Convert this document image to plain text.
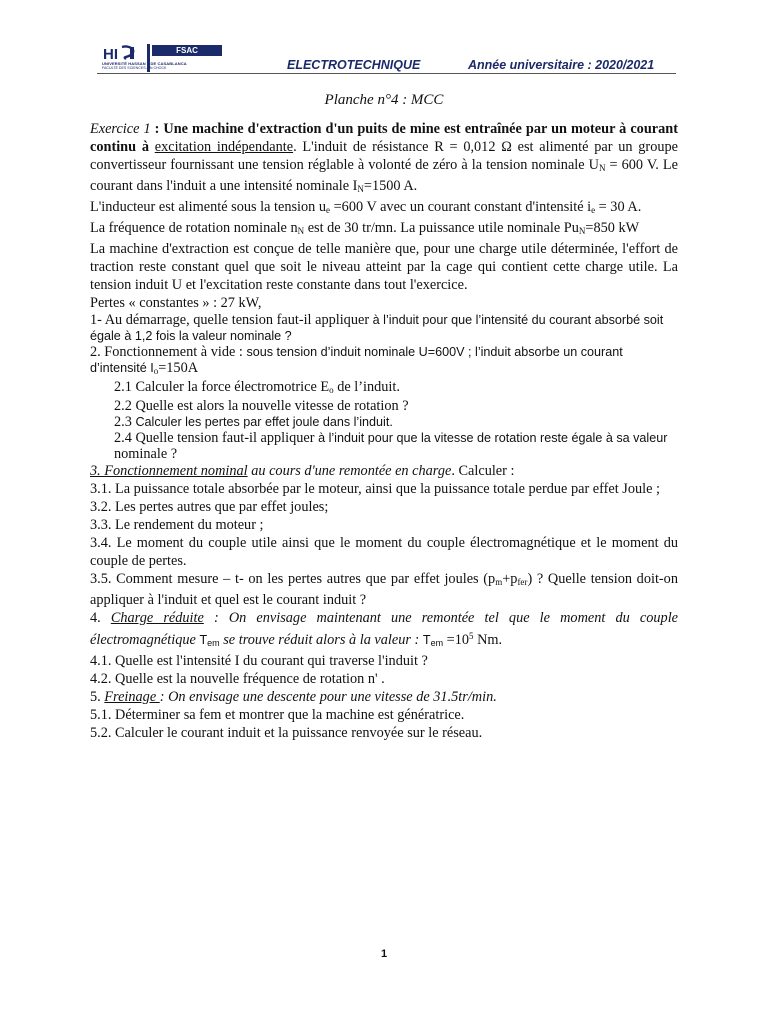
HI	FSAC
UNIVERSITÉ HASSAN II DE CASABLANCA
FACULTÉ DES SCIENCES AIN CHOCK	ELECTROTECHNIQUE	Année universitaire : 2020/2021
Planche n°4 : MCC

Exercice 1 : Une machine d'extraction d'un puits de mine est entraînée par un moteur à courant continu à excitation indépendante. L'induit de résistance R = 0,012 Ω est alimenté par un groupe convertisseur fournissant une tension réglable à volonté de zéro à la tension nominale $U_N = 600$ V. Le courant dans l'induit a une intensité nominale $I_N=1500$ A.

L'inducteur est alimenté sous la tension $u_e =600$ V avec un courant constant d'intensité $i_e = 30$ A.

La fréquence de rotation nominale $n_N$ est de 30 tr/mn. La puissance utile nominale $Pu_N=850$ kW

La machine d'extraction est conçue de telle manière que, pour une charge utile déterminée, l'effort de traction reste constant quel que soit le niveau atteint par la cage qui contient cette charge utile. La tension induit U et l'excitation reste constante dans tout l'exercice.

Pertes « constantes » : 27 kW,

1- Au démarrage, quelle tension faut-il appliquer à l’induit pour que l’intensité du courant absorbé soit égale à 1,2 fois la valeur nominale ?

2. Fonctionnement à vide : sous tension d’induit nominale U=600V ; l’induit absorbe un courant d’intensité $I_o=150A$

2.1 Calculer la force électromotrice $E_o$ de l’induit.

2.2 Quelle est alors la nouvelle vitesse de rotation ?

2.3 Calculer les pertes par effet joule dans l’induit.

2.4 Quelle tension faut-il appliquer à l’induit pour que la vitesse de rotation reste égale à sa valeur
nominale ?

3. Fonctionnement nominal au cours d'une remontée en charge. Calculer :

3.1. La puissance totale absorbée par le moteur, ainsi que la puissance totale perdue par effet Joule ;

3.2. Les pertes autres que par effet joules;

3.3. Le rendement du moteur ;

3.4. Le moment du couple utile ainsi que le moment du couple électromagnétique et le moment du couple de pertes.

3.5. Comment mesure – t- on les pertes autres que par effet joules $(p_m+p_{fer})$ ? Quelle tension doit-on appliquer à l'induit et quel est le courant induit ?

4. Charge réduite : On envisage maintenant une remontée tel que le moment du couple électromagnétique $T_{em}$ se trouve réduit alors à la valeur : $T_{em} =10^5$ Nm.

4.1. Quelle est l'intensité I du courant qui traverse l'induit ?

4.2. Quelle est la nouvelle fréquence de rotation n' .

5. Freinage : On envisage une descente pour une vitesse de 31.5tr/min.

5.1. Déterminer sa fem et montrer que la machine est génératrice.

5.2. Calculer le courant induit et la puissance renvoyée sur le réseau.

1
